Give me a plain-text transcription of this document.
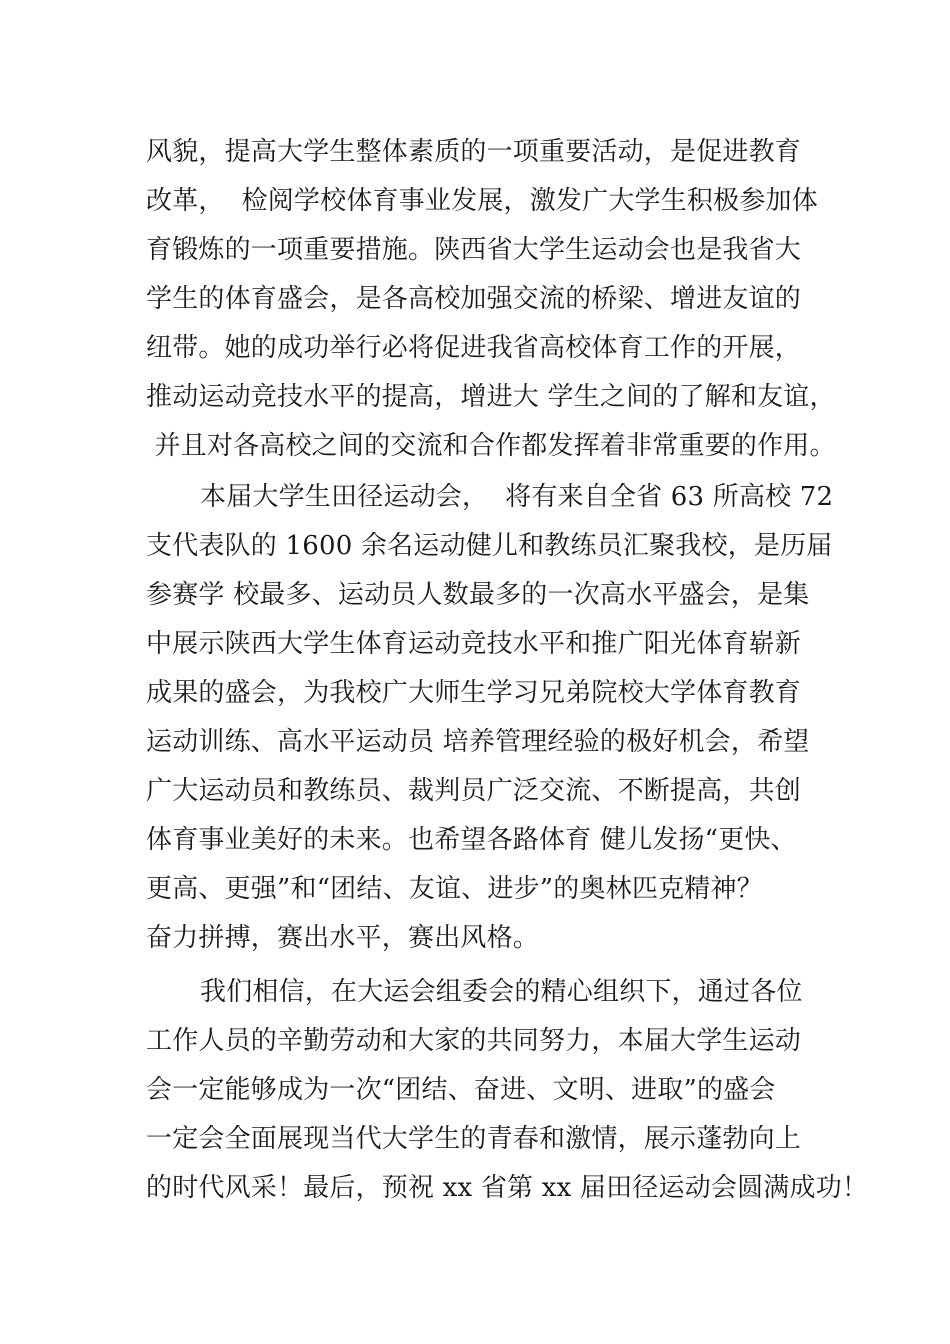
风貌，提高大学生整体素质的一项重要活动，是促进教育
改革，  检阅学校体育事业发展，激发广大学生积极参加体
育锻炼的一项重要措施。陕西省大学生运动会也是我省大
学生的体育盛会，是各高校加强交流的桥梁、增进友谊的
纽带。她的成功举行必将促进我省高校体育工作的开展，
推动运动竞技水平的提高，增进大 学生之间的了解和友谊，
并且对各高校之间的交流和合作都发挥着非常重要的作用。
本届大学生田径运动会，  将有来自全省 63 所高校 72
支代表队的 1600 余名运动健儿和教练员汇聚我校，是历届
参赛学 校最多、运动员人数最多的一次高水平盛会，是集
中展示陕西大学生体育运动竞技水平和推广阳光体育崭新
成果的盛会，为我校广大师生学习兄弟院校大学体育教育
运动训练、高水平运动员 培养管理经验的极好机会，希望
广大运动员和教练员、裁判员广泛交流、不断提高，共创
体育事业美好的未来。也希望各路体育 健儿发扬“更快、
更高、更强”和“团结、友谊、进步”的奥林匹克精神？
奋力拼搏，赛出水平，赛出风格。
我们相信，在大运会组委会的精心组织下，通过各位
工作人员的辛勤劳动和大家的共同努力，本届大学生运动
会一定能够成为一次“团结、奋进、文明、进取”的盛会
一定会全面展现当代大学生的青春和激情，展示蓬勃向上
的时代风采！最后，预祝 xx 省第 xx 届田径运动会圆满成功！
